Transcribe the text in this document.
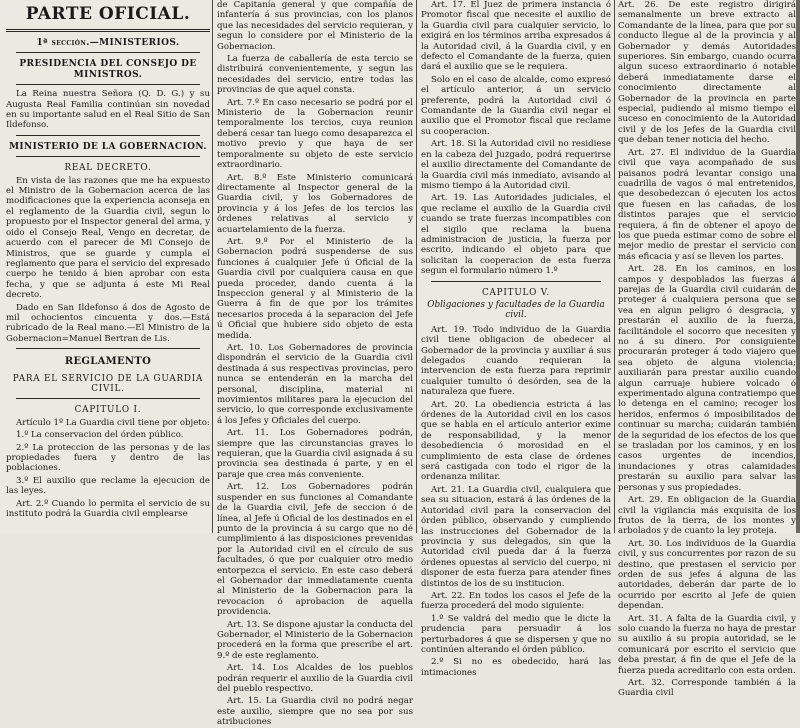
PARTE OFICIAL.
1ª sección.—MINISTERIOS.
PRESIDENCIA DEL CONSEJO DE MINISTROS.

La Reina nuestra Señora (Q. D. G.) y su Augusta Real Familia continúan sin novedad en su importante salud en el Real Sitio de San Ildefonso.

MINISTERIO DE LA GOBERNACION.
REAL DECRETO.

En vista de las razones que me ha expuesto el Ministro de la Gobernacion acerca de las modificaciones que la experiencia aconseja en el reglamento de la Guardia civil, segun lo propuesto por el Inspector general del arma, y oido el Consejo Real, Vengo en decretar, de acuerdo con el parecer de Mi Consejo de Ministros, que se guarde y cumpla el reglamento que para el servicio del expresado cuerpo he tenido á bien aprobar con esta fecha, y que se adjunta á este Mi Real decreto.

Dado en San Ildefonso á dos de Agosto de mil ochocientos cincuenta y dos.—Está rubricado de la Real mano.—El Ministro de la Gobernacion=Manuel Bertran de Lis.

REGLAMENTO
PARA EL SERVICIO DE LA GUARDIA CIVIL.
CAPITULO I.

Artículo 1º La Guardia civil tiene por objeto:

1.º La conservacion del órden público.

2.º La proteccion de las personas y de las propiedades fuera y dentro de las poblaciones.

3.º El auxilio que reclame la ejecucion de las leyes.

Art. 2.º Cuando lo permita el servicio de su instituto podrá la Guardia civil emplearse

de Capitanía general y que compañía de infantería á sus provincias, con los planos que las necesidades del servicio requieran, y segun lo considere por el Ministerio de la Gobernacion.

La fuerza de caballería de esta tercio se distribuirá convenientemente, y segun las necesidades del servicio, entre todas las provincias de que aquel consta.

Art. 7.º En caso necesario se podrá por el Ministerio de la Gobernacion reunir temporalmente los tercios, cuya reunion deberá cesar tan luego como desaparezca el motivo previo y que haya de ser temporalmente su objeto de este servicio extraordinario.

Art. 8.º Este Ministerio comunicará directamente al Inspector general de la Guardia civil, y los Gobernadores de provincia y á los Jefes de los tercios las órdenes relativas al servicio y acuartelamiento de la fuerza.

Art. 9.º Por el Ministerio de la Gobernacion podrá suspenderse de sus funciones á cualquier Jefe ú Oficial de la Guardia civil por cualquiera causa en que pueda proceder, dando cuenta á la Inspeccion general y al Ministerio de la Guerra á fin de que por los trámites necesarios proceda á la separacion del Jefe ú Oficial que hubiere sido objeto de esta medida.

Art. 10. Los Gobernadores de provincia dispondrán el servicio de la Guardia civil destinada á sus respectivas provincias, pero nunca se entenderán en la marcha del personal, disciplina, material ni movimientos militares para la ejecucion del servicio, lo que corresponde exclusivamente á los Jefes y Oficiales del cuerpo.

Art. 11. Los Gobernadores podrán, siempre que las circunstancias graves lo requieran, que la Guardia civil asignada á su provincia sea destinada á parte, y en el paraje que crea más conveniente.

Art. 12. Los Gobernadores podrán suspender en sus funciones al Comandante de la Guardia civil, Jefe de seccion ó de línea, al Jefe ú Oficial de los destinados en el punto de la provincia á su cargo que no dé cumplimiento á las disposiciones prevenidas por la Autoridad civil en el círculo de sus facultades, ó que por cualquier otro medio entorpezca el servicio. En este caso deberá el Gobernador dar inmediatamente cuenta al Ministerio de la Gobernacion para la revocacion ó aprobacion de aquella providencia.

Art. 13. Se dispone ajustar la conducta del Gobernador, el Ministerio de la Gobernacion procederá en la forma que prescribe el art. 9.º de este reglamento.

Art. 14. Los Alcaldes de los pueblos podrán requerir el auxilio de la Guardia civil del pueblo respectivo.

Art. 15. La Guardia civil no podrá negar este auxilio, siempre que no sea por sus atribuciones

Art. 17. El Juez de primera instancia ó Promotor fiscal que necesite el auxilio de la Guardia civil para cualquier servicio, lo exigirá en los términos arriba expresados á la Autoridad civil, á la Guardia civil, y en defecto el Comandante de la fuerza, quien dará el auxilio que se le requiera.

Solo en el caso de alcalde, como expresó el artículo anterior, á un servicio preferente, podrá la Autoridad civil ó Comandante de la Guardia civil negar el auxilio que el Promotor fiscal que reclame su cooperacion.

Art. 18. Si la Autoridad civil no residiese en la cabeza del Juzgado, podrá requerirse el auxilio directamente del Comandante de la Guardia civil más inmediato, avisando al mismo tiempo á la Autoridad civil.

Art. 19. Las Autoridades judiciales, el que reclame el auxilio de la Guardia civil cuando se trate fuerzas incompatibles con el sigilo que reclama la buena administracion de justicia, la fuerza por escrito, indicando el objeto para que solicitan la cooperacion de esta fuerza segun el formulario número 1.º

CAPITULO V.
Obligaciones y facultades de la Guardia civil.

Art. 19. Todo individuo de la Guardia civil tiene obligacion de obedecer al Gobernador de la provincia y auxiliar á sus delegados cuando requieran la intervencion de esta fuerza para reprimir cualquier tumulto ó desórden, sea de la naturaleza que fuere.

Art. 20. La obediencia estricta á las órdenes de la Autoridad civil en los casos que se habla en el artículo anterior exime de responsabilidad, y la menor desobediencia ó morosidad en el cumplimiento de esta clase de órdenes será castigada con todo el rigor de la ordenanza militar.

Art. 21. La Guardia civil, cualquiera que sea su situacion, estará á las órdenes de la Autoridad civil para la conservacion del órden público, observando y cumpliendo las instrucciones del Gobernador de la provincia y sus delegados, sin que la Autoridad civil pueda dar á la fuerza órdenes opuestas al servicio del cuerpo, ni disponer de esta fuerza para atender fines distintos de los de su institucion.

Art. 22. En todos los casos el Jefe de la fuerza procederá del modo siguiente:

1.º Se valdrá del medio que le dicte la prudencia para persuadir á los perturbadores á que se dispersen y que no continúen alterando el órden público.

2.º Si no es obedecido, hará las intimaciones

Art. 26. De este registro dirigirá semanalmente un breve extracto al Comandante de la línea, para que por su conducto llegue al de la provincia y al Gobernador y demás Autoridades superiores. Sin embargo, cuando ocurra algun suceso extraordinario ó notable deberá inmediatamente darse el conocimiento directamente al Gobernador de la provincia en parte especial, pudiendo al mismo tiempo el suceso en conocimiento de la Autoridad civil y de los Jefes de la Guardia civil que deban tener noticia del hecho.

Art. 27. El individuo de la Guardia civil que vaya acompañado de sus paisanos podrá levantar consigo una cuadrilla de vagos ó mal entretenidos, que desobedezcan ó ejecuten los actos que fuesen en las cañadas, de los distintos parajes que el servicio requiera, á fin de obtener el apoyo de los que pueda estimar como de sobre el mejor medio de prestar el servicio con más eficacia y así se lleven los partes.

Art. 28. En los caminos, en los campos y despoblados las fuerzas á parejas de la Guardia civil cuidarán de proteger á cualquiera persona que se vea en algun peligro ó desgracia, y prestarán el auxilio de la fuerza, facilitándole el socorro que necesiten y no á su dinero. Por consiguiente procurarán proteger á todo viajero que sea objeto de alguna violencia; auxiliarán para prestar auxilio cuando algun carruaje hubiere volcado ó experimentado alguna contratiempo que lo detenga en el camino; recoger los heridos, enfermos ó imposibilitados de continuar su marcha; cuidarán también de la seguridad de los efectos de los que se trasladan por los caminos, y en los casos urgentes de incendios, inundaciones y otras calamidades prestarán su auxilio para salvar las personas y sus propiedades.

Art. 29. En obligacion de la Guardia civil la vigilancia más exquisita de los frutos de la tierra, de los montes y arbolados y de cuanto la ley proteja.

Art. 30. Los individuos de la Guardia civil, y sus concurrentes por razon de su destino, que prestasen el servicio por orden de sus jefes á alguna de las autoridades, deberán dar parte de lo ocurrido por escrito al Jefe de quien dependan.

Art. 31. A falta de la Guardia civil, y solo cuando la fuerza no haya de prestar su auxilio á su propia autoridad, se le comunicará por escrito el servicio que deba prestar, á fin de que el Jefe de la fuerza pueda acreditarlo con esta orden.

Art. 32. Corresponde también á la Guardia civil
